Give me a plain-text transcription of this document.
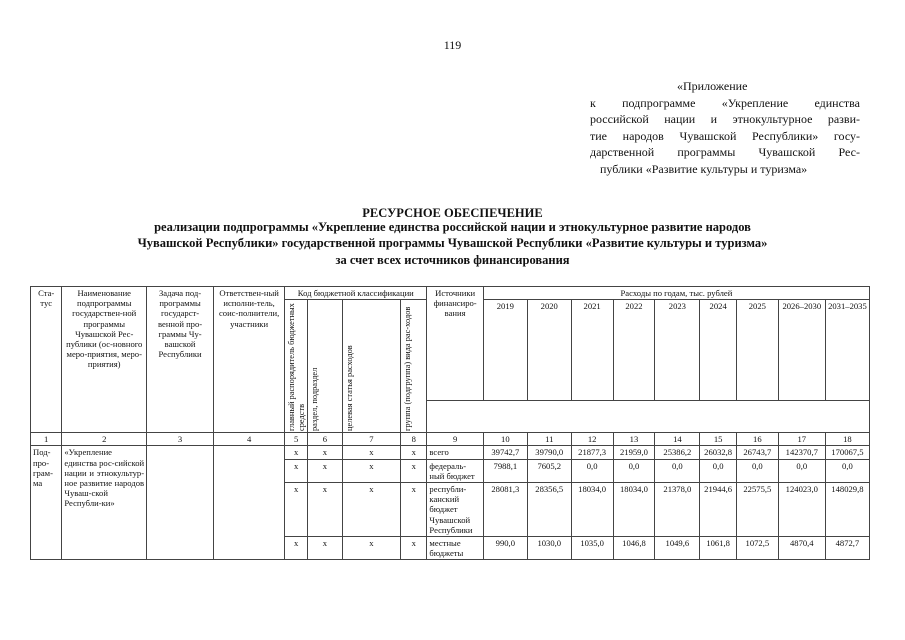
119
«Приложение
к подпрограмме «Укрепление единства
российской нации и этнокультурное разви-
тие народов Чувашской Республики» госу-
дарственной программы Чувашской Рес-
публики «Развитие культуры и туризма»
РЕСУРСНОЕ ОБЕСПЕЧЕНИЕ
реализации подпрограммы «Укрепление единства российской нации и этнокультурное развитие народов
Чувашской Республики» государственной программы Чувашской Республики «Развитие культуры и туризма»
за счет всех источников финансирования
Ста-тус	Наименование подпрограммы государствен-ной программы Чувашской Рес-публики (ос-новного меро-приятия, меро-приятия)	Задача под-программы государст-венной про-граммы Чу-вашской Республики	Ответствен-ный исполни-тель, соис-полнители, участники	Код бюджетной классификации				Источники финансиро-вания	Расходы по годам, тыс. рублей								

				главный распорядитель бюджетных средств	раздел, подраздел	целевая статья расходов	группа (подгруппа) вида рас-ходов		2019	2020	2021	2022	2023	2024	2025	2026–2030	2031–2035

1	2	3	4	5	6	7	8	9	10	11	12	13	14	15	16	17	18
Под-про-грам-ма	«Укрепление единства рос-сийской нации и этнокультур-ное развитие народов Чуваш-ской Республи-ки»			x	x	x	x	всего	39742,7	39790,0	21877,3	21959,0	25386,2	26032,8	26743,7	142370,7	170067,5
				x	x	x	x	федераль-ный бюджет	7988,1	7605,2	0,0	0,0	0,0	0,0	0,0	0,0	0,0
				x	x	x	x	республи-канский бюджет Чувашской Республики	28081,3	28356,5	18034,0	18034,0	21378,0	21944,6	22575,5	124023,0	148029,8
				x	x	x	x	местные бюджеты	990,0	1030,0	1035,0	1046,8	1049,6	1061,8	1072,5	4870,4	4872,7
